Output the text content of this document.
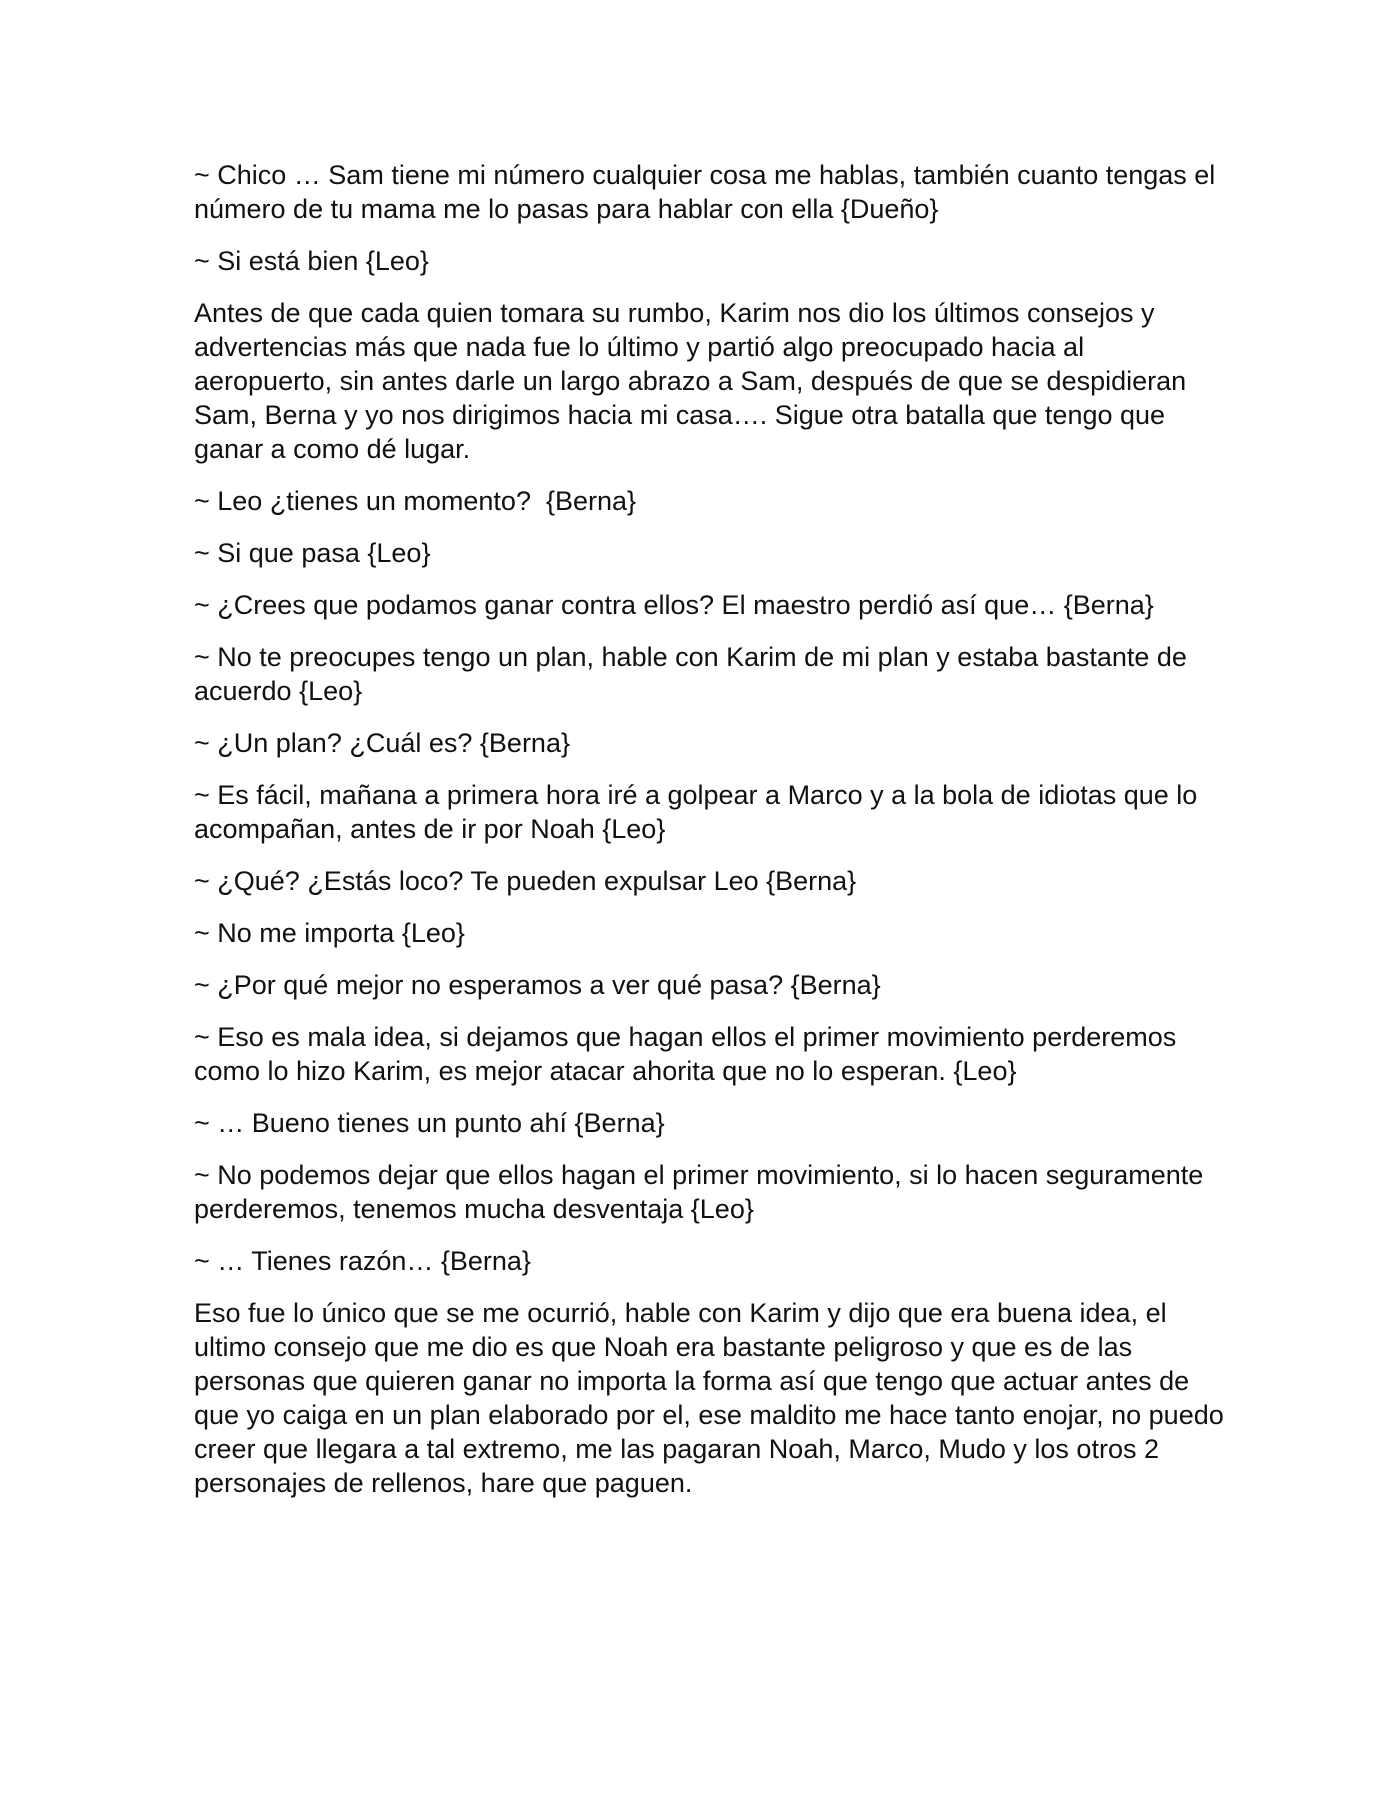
~ Chico … Sam tiene mi número cualquier cosa me hablas, también cuanto tengas el número de tu mama me lo pasas para hablar con ella {Dueño}

~ Si está bien {Leo}

Antes de que cada quien tomara su rumbo, Karim nos dio los últimos consejos y advertencias más que nada fue lo último y partió algo preocupado hacia al aeropuerto, sin antes darle un largo abrazo a Sam, después de que se despidieran Sam, Berna y yo nos dirigimos hacia mi casa…. Sigue otra batalla que tengo que ganar a como dé lugar.

~ Leo ¿tienes un momento?  {Berna}

~ Si que pasa {Leo}

~ ¿Crees que podamos ganar contra ellos? El maestro perdió así que… {Berna}

~ No te preocupes tengo un plan, hable con Karim de mi plan y estaba bastante de acuerdo {Leo}

~ ¿Un plan? ¿Cuál es? {Berna}

~ Es fácil, mañana a primera hora iré a golpear a Marco y a la bola de idiotas que lo acompañan, antes de ir por Noah {Leo}

~ ¿Qué? ¿Estás loco? Te pueden expulsar Leo {Berna}

~ No me importa {Leo}

~ ¿Por qué mejor no esperamos a ver qué pasa? {Berna}

~ Eso es mala idea, si dejamos que hagan ellos el primer movimiento perderemos como lo hizo Karim, es mejor atacar ahorita que no lo esperan. {Leo}

~ … Bueno tienes un punto ahí {Berna}

~ No podemos dejar que ellos hagan el primer movimiento, si lo hacen seguramente perderemos, tenemos mucha desventaja {Leo}

~ … Tienes razón… {Berna}

Eso fue lo único que se me ocurrió, hable con Karim y dijo que era buena idea, el ultimo consejo que me dio es que Noah era bastante peligroso y que es de las personas que quieren ganar no importa la forma así que tengo que actuar antes de que yo caiga en un plan elaborado por el, ese maldito me hace tanto enojar, no puedo creer que llegara a tal extremo, me las pagaran Noah, Marco, Mudo y los otros 2 personajes de rellenos, hare que paguen.
